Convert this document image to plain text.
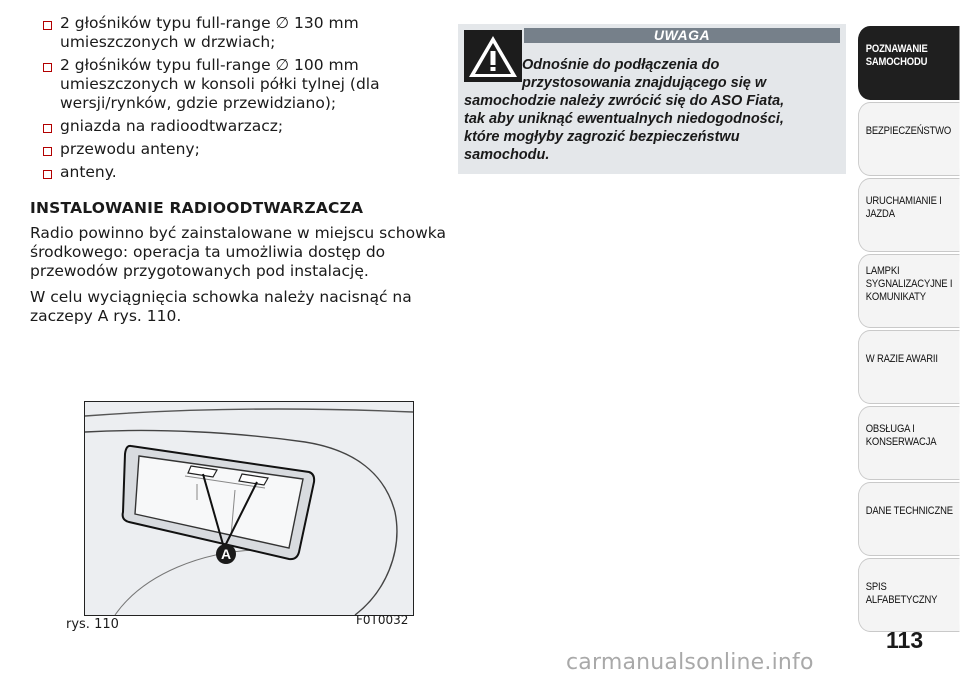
2 głośników typu full-range ∅ 130 mm
umieszczonych w drzwiach;
2 głośników typu full-range ∅ 100 mm
umieszczonych w konsoli półki tylnej (dla
wersji/rynków, gdzie przewidziano);
gniazda na radioodtwarzacz;
przewodu anteny;
anteny.
INSTALOWANIE RADIOODTWARZACZA

Radio powinno być zainstalowane w miejscu schowka
środkowego: operacja ta umożliwia dostęp do
przewodów przygotowanych pod instalację.

W celu wyciągnięcia schowka należy nacisnąć na
zaczepy A rys. 110.

UWAGA
Odnośnie do podłączenia do
przystosowania znajdującego się w
samochodzie należy zwrócić się do ASO Fiata,
tak aby uniknąć ewentualnych niedogodności,
które mogłyby zagrozić bezpieczeństwu
samochodu.
A
rys. 110	F0T0032
POZNAWANIE
SAMOCHODU
BEZPIECZEŃSTWO
URUCHAMIANIE I
JAZDA
LAMPKI
SYGNALIZACYJNE I
KOMUNIKATY
W RAZIE AWARII
OBSŁUGA I
KONSERWACJA
DANE TECHNICZNE
SPIS ALFABETYCZNY
113
carmanualsonline.info
